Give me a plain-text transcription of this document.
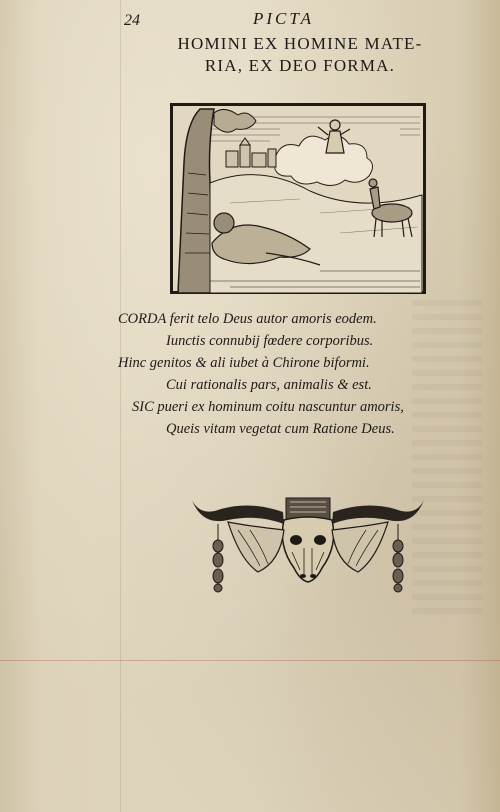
24	PICTA
HOMINI EX HOMINE MATE-
RIA, EX DEO FORMA.
CORDA ferit telo Deus autor amoris eodem.
Iunctis connubij fœdere corporibus.
Hinc genitos & ali iubet à Chirone biformi.
Cui rationalis pars, animalis & est.
SIC pueri ex hominum coitu nascuntur amoris,
Queis vitam vegetat cum Ratione Deus.
